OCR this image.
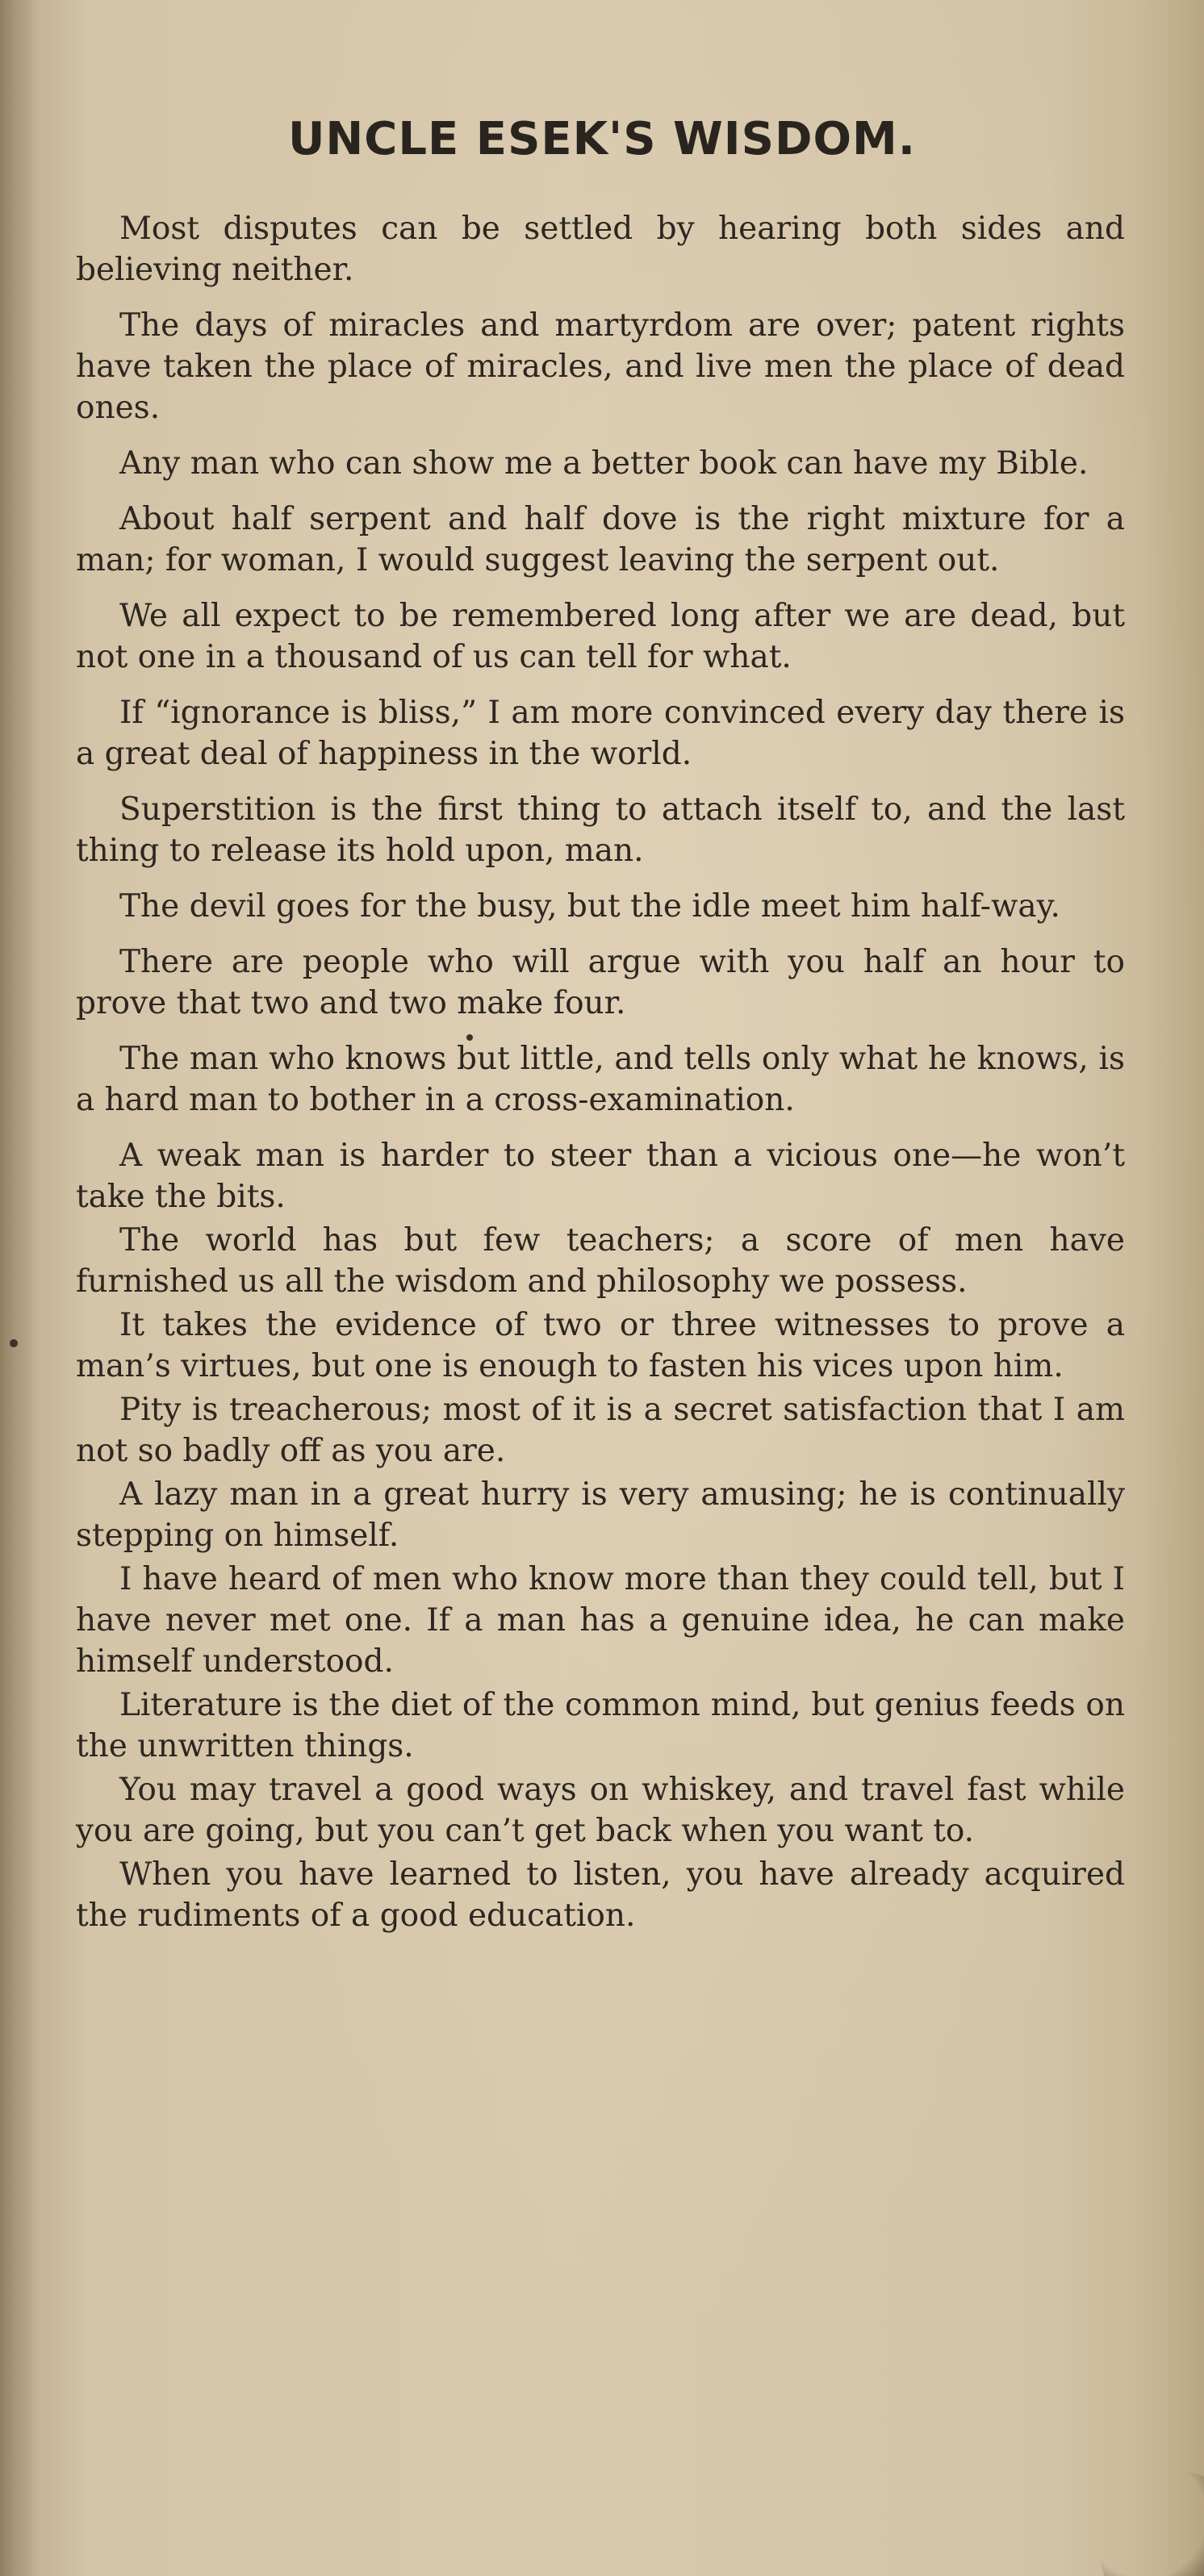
UNCLE ESEK'S WISDOM.

Most disputes can be settled by hearing both sides and believing neither.

The days of miracles and martyrdom are over; patent rights have taken the place of miracles, and live men the place of dead ones.

Any man who can show me a better book can have my Bible.

About half serpent and half dove is the right mixture for a man; for woman, I would suggest leaving the serpent out.

We all expect to be remembered long after we are dead, but not one in a thousand of us can tell for what.

If “ignorance is bliss,” I am more convinced every day there is a great deal of happiness in the world.

Superstition is the first thing to attach itself to, and the last thing to release its hold upon, man.

The devil goes for the busy, but the idle meet him half-way.

There are people who will argue with you half an hour to prove that two and two make four.

The man who knows but little, and tells only what he knows, is a hard man to bother in a cross-examination.

A weak man is harder to steer than a vicious one—he won’t take the bits.

The world has but few teachers; a score of men have furnished us all the wisdom and philosophy we possess.

It takes the evidence of two or three witnesses to prove a man’s virtues, but one is enough to fasten his vices upon him.

Pity is treacherous; most of it is a secret satisfaction that I am not so badly off as you are.

A lazy man in a great hurry is very amusing; he is continually stepping on himself.

I have heard of men who know more than they could tell, but I have never met one. If a man has a genuine idea, he can make himself understood.

Literature is the diet of the common mind, but genius feeds on the unwritten things.

You may travel a good ways on whiskey, and travel fast while you are going, but you can’t get back when you want to.

When you have learned to listen, you have already acquired the rudiments of a good education.
